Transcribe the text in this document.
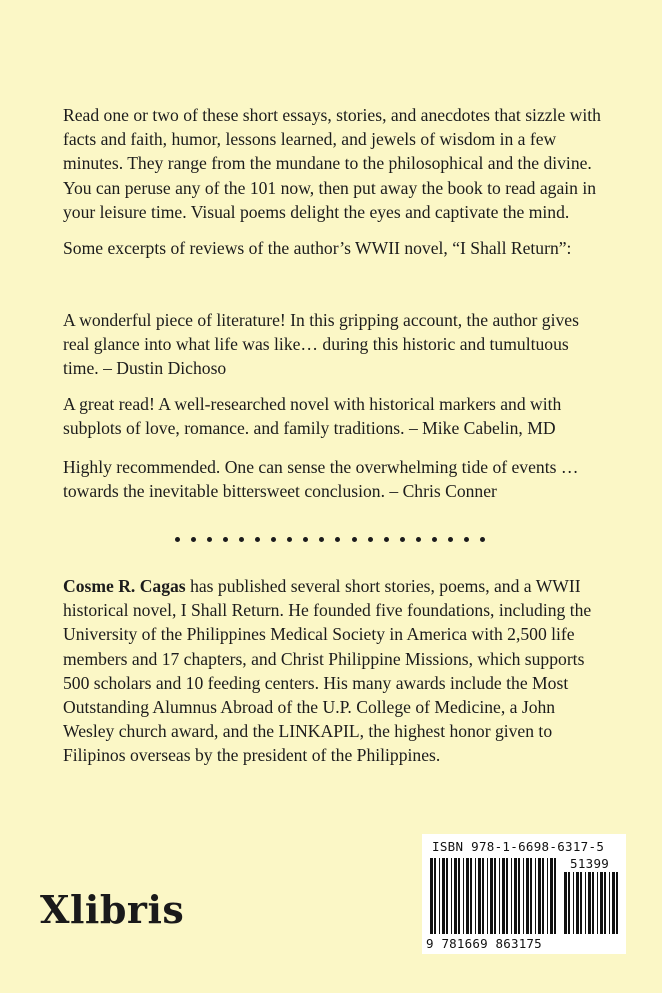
Read one or two of these short essays, stories, and anecdotes that sizzle with facts and faith, humor, lessons learned, and jewels of wisdom in a few minutes. They range from the mundane to the philosophical and the divine. You can peruse any of the 101 now, then put away the book to read again in your leisure time. Visual poems delight the eyes and captivate the mind.

Some excerpts of reviews of the author’s WWII novel, “I Shall Return”:

A wonderful piece of literature! In this gripping account, the author gives real glance into what life was like… during this historic and tumultuous time. – Dustin Dichoso

A great read! A well-researched novel with historical markers and with subplots of love, romance. and family traditions. – Mike Cabelin, MD

Highly recommended. One can sense the overwhelming tide of events … towards the inevitable bittersweet conclusion. – Chris Conner

Cosme R. Cagas has published several short stories, poems, and a WWII historical novel, I Shall Return. He founded five foundations, including the University of the Philippines Medical Society in America with 2,500 life members and 17 chapters, and Christ Philippine Missions, which supports 500 scholars and 10 feeding centers. His many awards include the Most Outstanding Alumnus Abroad of the U.P. College of Medicine, a John Wesley church award, and the LINKAPIL, the highest honor given to Filipinos overseas by the president of the Philippines.

Xlibris
ISBN 978-1-6698-6317-5
51399
9 781669 863175
